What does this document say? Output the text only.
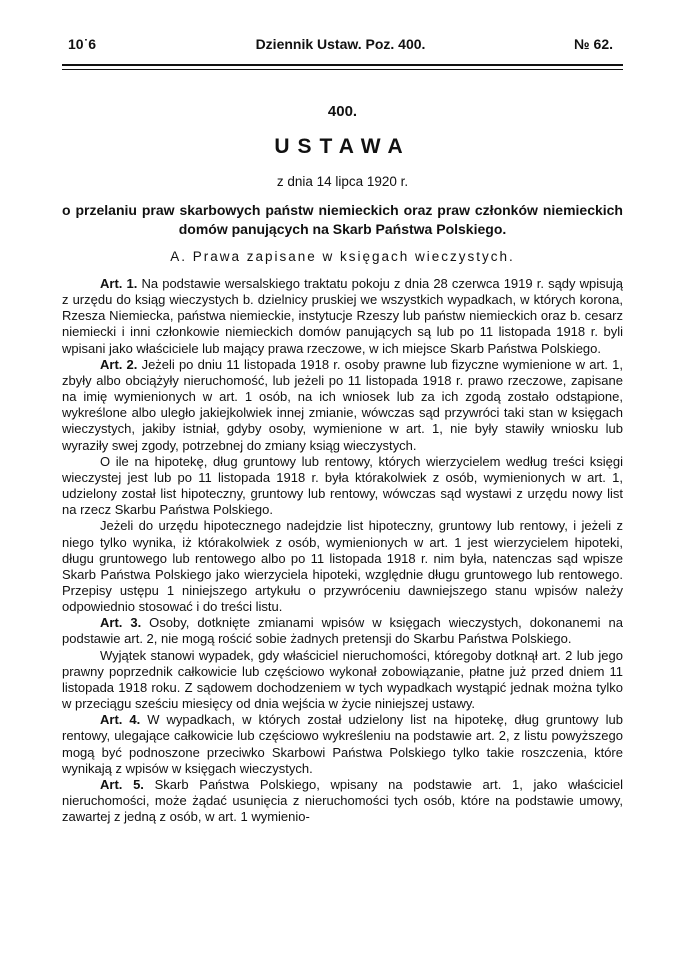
10˙6	Dziennik Ustaw. Poz. 400.	№ 62.
400.
USTAWA
z dnia 14 lipca 1920 r.
o przelaniu praw skarbowych państw niemieckich oraz praw członków niemieckich domów panujących na Skarb Państwa Polskiego.
A. Prawa zapisane w księgach wieczystych.

Art. 1. Na podstawie wersalskiego traktatu pokoju z dnia 28 czerwca 1919 r. sądy wpisują z urzędu do ksiąg wieczystych b. dzielnicy pruskiej we wszystkich wypadkach, w których korona, Rzesza Niemiecka, państwa niemieckie, instytucje Rzeszy lub państw niemieckich oraz b. cesarz niemiecki i inni członkowie niemieckich domów panujących są lub po 11 listopada 1918 r. byli wpisani jako właściciele lub mający prawa rzeczowe, w ich miejsce Skarb Państwa Polskiego.

Art. 2. Jeżeli po dniu 11 listopada 1918 r. osoby prawne lub fizyczne wymienione w art. 1, zbyły albo obciążyły nieruchomość, lub jeżeli po 11 listopada 1918 r. prawo rzeczowe, zapisane na imię wymienionych w art. 1 osób, na ich wniosek lub za ich zgodą zostało odstąpione, wykreślone albo uległo jakiejkolwiek innej zmianie, wówczas sąd przywróci taki stan w księgach wieczystych, jakiby istniał, gdyby osoby, wymienione w art. 1, nie były stawiły wniosku lub wyraziły swej zgody, potrzebnej do zmiany ksiąg wieczystych.

O ile na hipotekę, dług gruntowy lub rentowy, których wierzycielem według treści księgi wieczystej jest lub po 11 listopada 1918 r. była którakolwiek z osób, wymienionych w art. 1, udzielony został list hipoteczny, gruntowy lub rentowy, wówczas sąd wystawi z urzędu nowy list na rzecz Skarbu Państwa Polskiego.

Jeżeli do urzędu hipotecznego nadejdzie list hipoteczny, gruntowy lub rentowy, i jeżeli z niego tylko wynika, iż którakolwiek z osób, wymienionych w art. 1 jest wierzycielem hipoteki, długu gruntowego lub rentowego albo po 11 listopada 1918 r. nim była, natenczas sąd wpisze Skarb Państwa Polskiego jako wierzyciela hipoteki, względnie długu gruntowego lub rentowego. Przepisy ustępu 1 niniejszego artykułu o przywróceniu dawniejszego stanu wpisów należy odpowiednio stosować i do treści listu.

Art. 3. Osoby, dotknięte zmianami wpisów w księgach wieczystych, dokonanemi na podstawie art. 2, nie mogą rościć sobie żadnych pretensji do Skarbu Państwa Polskiego.

Wyjątek stanowi wypadek, gdy właściciel nieruchomości, któregoby dotknął art. 2 lub jego prawny poprzednik całkowicie lub częściowo wykonał zobowiązanie, płatne już przed dniem 11 listopada 1918 roku. Z sądowem dochodzeniem w tych wypadkach wystąpić jednak można tylko w przeciągu sześciu miesięcy od dnia wejścia w życie niniejszej ustawy.

Art. 4. W wypadkach, w których został udzielony list na hipotekę, dług gruntowy lub rentowy, ulegające całkowicie lub częściowo wykreśleniu na podstawie art. 2, z listu powyższego mogą być podnoszone przeciwko Skarbowi Państwa Polskiego tylko takie roszczenia, które wynikają z wpisów w księgach wieczystych.

Art. 5. Skarb Państwa Polskiego, wpisany na podstawie art. 1, jako właściciel nieruchomości, może żądać usunięcia z nieruchomości tych osób, które na podstawie umowy, zawartej z jedną z osób, w art. 1 wymienio-
